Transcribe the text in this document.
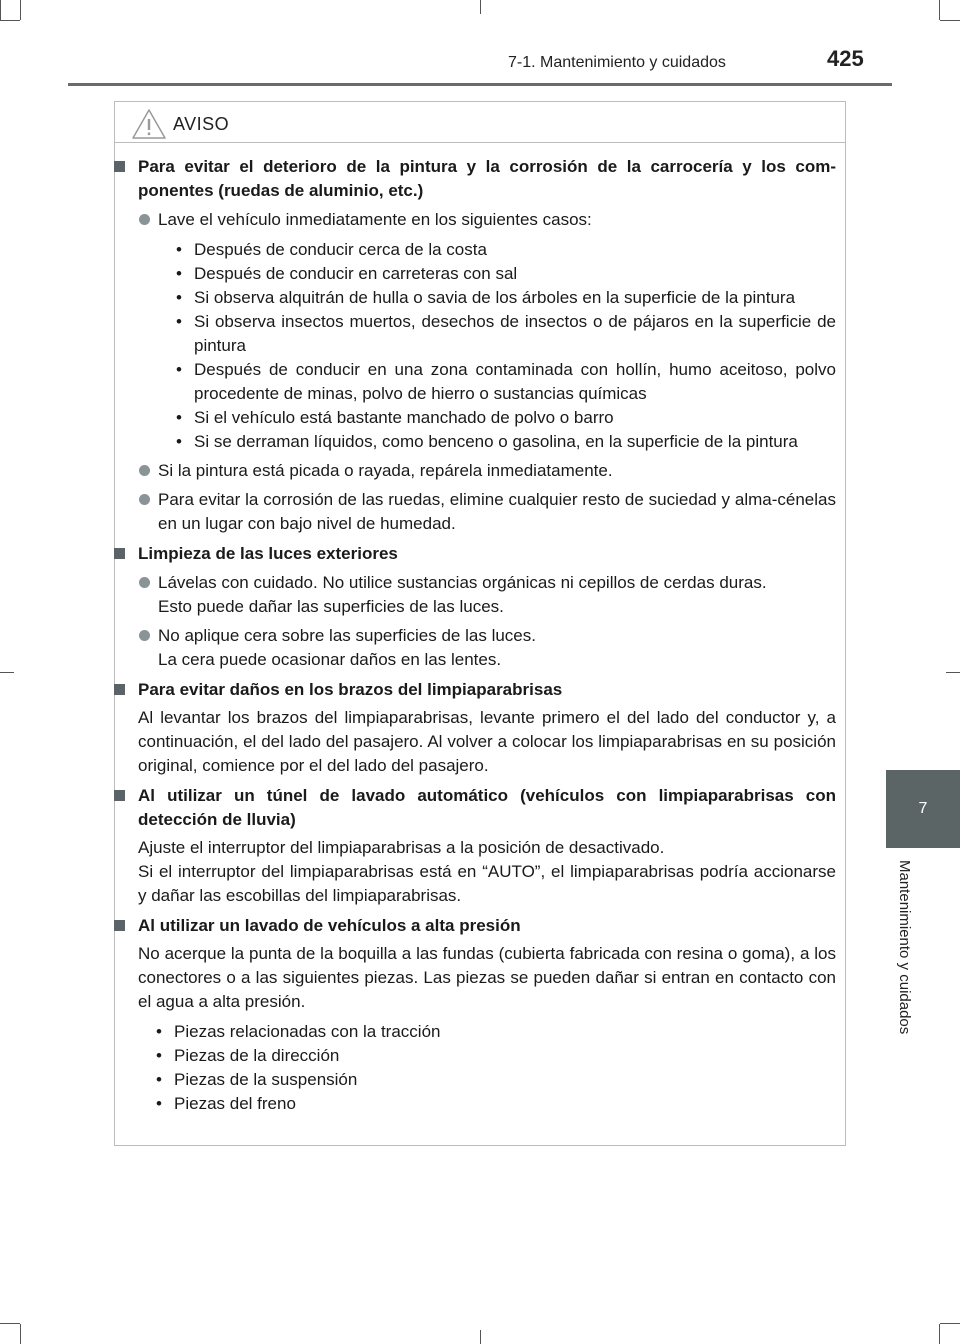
7-1. Mantenimiento y cuidados	425
7
Mantenimiento y cuidados
AVISO
Para evitar el deterioro de la pintura y la corrosión de la carrocería y los com-ponentes (ruedas de aluminio, etc.)
Lave el vehículo inmediatamente en los siguientes casos:
• Después de conducir cerca de la costa
• Después de conducir en carreteras con sal
• Si observa alquitrán de hulla o savia de los árboles en la superficie de la pintura
• Si observa insectos muertos, desechos de insectos o de pájaros en la superficie de pintura
• Después de conducir en una zona contaminada con hollín, humo aceitoso, polvo procedente de minas, polvo de hierro o sustancias químicas
• Si el vehículo está bastante manchado de polvo o barro
• Si se derraman líquidos, como benceno o gasolina, en la superficie de la pintura
Si la pintura está picada o rayada, repárela inmediatamente.
Para evitar la corrosión de las ruedas, elimine cualquier resto de suciedad y alma-cénelas en un lugar con bajo nivel de humedad.
Limpieza de las luces exteriores
Lávelas con cuidado. No utilice sustancias orgánicas ni cepillos de cerdas duras.
Esto puede dañar las superficies de las luces.
No aplique cera sobre las superficies de las luces.
La cera puede ocasionar daños en las lentes.
Para evitar daños en los brazos del limpiaparabrisas
Al levantar los brazos del limpiaparabrisas, levante primero el del lado del conductor y, a continuación, el del lado del pasajero. Al volver a colocar los limpiaparabrisas en su posición original, comience por el del lado del pasajero.
Al utilizar un túnel de lavado automático (vehículos con limpiaparabrisas con detección de lluvia)
Ajuste el interruptor del limpiaparabrisas a la posición de desactivado.
Si el interruptor del limpiaparabrisas está en “AUTO”, el limpiaparabrisas podría accionarse y dañar las escobillas del limpiaparabrisas.
Al utilizar un lavado de vehículos a alta presión
No acerque la punta de la boquilla a las fundas (cubierta fabricada con resina o goma), a los conectores o a las siguientes piezas. Las piezas se pueden dañar si entran en contacto con el agua a alta presión.
• Piezas relacionadas con la tracción
• Piezas de la dirección
• Piezas de la suspensión
• Piezas del freno
